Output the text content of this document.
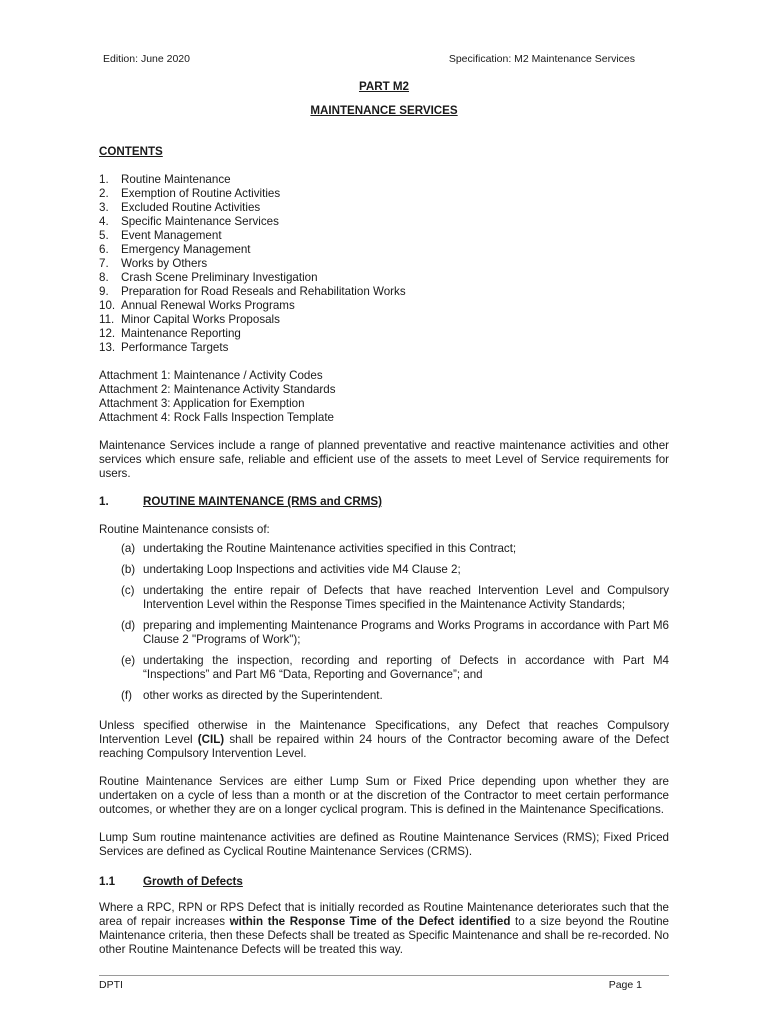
Edition: June 2020	Specification: M2 Maintenance Services
PART M2
MAINTENANCE SERVICES
CONTENTS
1.	Routine Maintenance
2.	Exemption of Routine Activities
3.	Excluded Routine Activities
4.	Specific Maintenance Services
5.	Event Management
6.	Emergency Management
7.	Works by Others
8.	Crash Scene Preliminary Investigation
9.	Preparation for Road Reseals and Rehabilitation Works
10. Annual Renewal Works Programs
11. Minor Capital Works Proposals
12. Maintenance Reporting
13. Performance Targets
Attachment 1: Maintenance / Activity Codes
Attachment 2: Maintenance Activity Standards
Attachment 3: Application for Exemption
Attachment 4: Rock Falls Inspection Template

Maintenance Services include a range of planned preventative and reactive maintenance activities and other services which ensure safe, reliable and efficient use of the assets to meet Level of Service requirements for users.

1.	ROUTINE MAINTENANCE (RMS and CRMS)

Routine Maintenance consists of:

(a) undertaking the Routine Maintenance activities specified in this Contract;
(b) undertaking Loop Inspections and activities vide M4 Clause 2;
(c) undertaking the entire repair of Defects that have reached Intervention Level and Compulsory Intervention Level within the Response Times specified in the Maintenance Activity Standards;
(d) preparing and implementing Maintenance Programs and Works Programs in accordance with Part M6 Clause 2 "Programs of Work");
(e) undertaking the inspection, recording and reporting of Defects in accordance with Part M4 “Inspections” and Part M6 “Data, Reporting and Governance”; and
(f) other works as directed by the Superintendent.

Unless specified otherwise in the Maintenance Specifications, any Defect that reaches Compulsory Intervention Level (CIL) shall be repaired within 24 hours of the Contractor becoming aware of the Defect reaching Compulsory Intervention Level.

Routine Maintenance Services are either Lump Sum or Fixed Price depending upon whether they are undertaken on a cycle of less than a month or at the discretion of the Contractor to meet certain performance outcomes, or whether they are on a longer cyclical program. This is defined in the Maintenance Specifications.

Lump Sum routine maintenance activities are defined as Routine Maintenance Services (RMS); Fixed Priced Services are defined as Cyclical Routine Maintenance Services (CRMS).

1.1	Growth of Defects

Where a RPC, RPN or RPS Defect that is initially recorded as Routine Maintenance deteriorates such that the area of repair increases within the Response Time of the Defect identified to a size beyond the Routine Maintenance criteria, then these Defects shall be treated as Specific Maintenance and shall be re-recorded. No other Routine Maintenance Defects will be treated this way.

DPTI	Page 1
